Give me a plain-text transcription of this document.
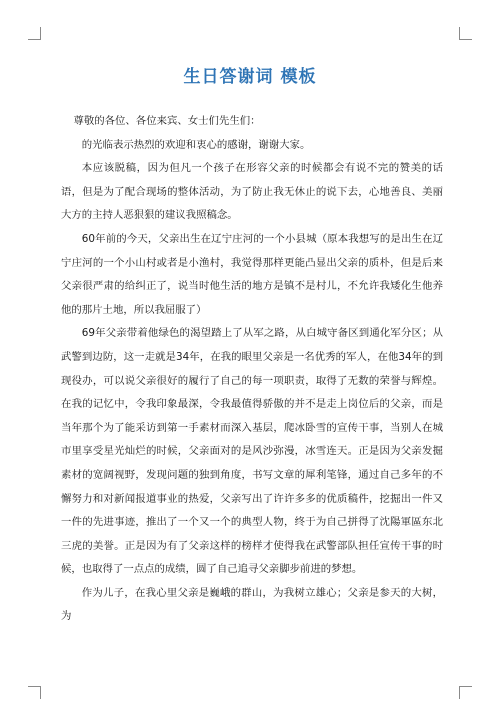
生日答谢词 模板

尊敬的各位、各位来宾、女士们先生们：

的光临表示热烈的欢迎和衷心的感谢，谢谢大家。

本应该脱稿，因为但凡一个孩子在形容父亲的时候都会有说不完的赞美的话语，但是为了配合现场的整体活动，为了防止我无休止的说下去，心地善良、美丽大方的主持人恶狠狠的建议我照稿念。

60年前的今天，父亲出生在辽宁庄河的一个小县城（原本我想写的是出生在辽宁庄河的一个小山村或者是小渔村，我觉得那样更能凸显出父亲的质朴，但是后来父亲很严肃的给纠正了，说当时他生活的地方是镇不是村儿，不允许我矮化生他养他的那片土地，所以我屈服了）

69年父亲带着他绿色的渴望踏上了从军之路，从白城守备区到通化军分区；从武警到边防，这一走就是34年，在我的眼里父亲是一名优秀的军人，在他34年的到现役办，可以说父亲很好的履行了自己的每一项职责，取得了无数的荣誉与辉煌。在我的记忆中，令我印象最深，令我最值得骄傲的并不是走上岗位后的父亲，而是当年那个为了能采访到第一手素材而深入基层，爬冰卧雪的宣传干事，当别人在城市里享受星光灿烂的时候，父亲面对的是风沙弥漫，冰雪连天。正是因为父亲发掘素材的宽阔视野，发现问题的独到角度，书写文章的犀利笔锋，通过自己多年的不懈努力和对新闻报道事业的热爱，父亲写出了许许多多的优质稿件，挖掘出一件又一件的先进事迹，推出了一个又一个的典型人物，终于为自己拼得了沈陽軍區东北三虎的美誉。正是因为有了父亲这样的榜样才使得我在武警部队担任宣传干事的时候，也取得了一点点的成绩，圆了自己追寻父亲脚步前进的梦想。

作为儿子，在我心里父亲是巍峨的群山，为我树立雄心；父亲是参天的大树，为
